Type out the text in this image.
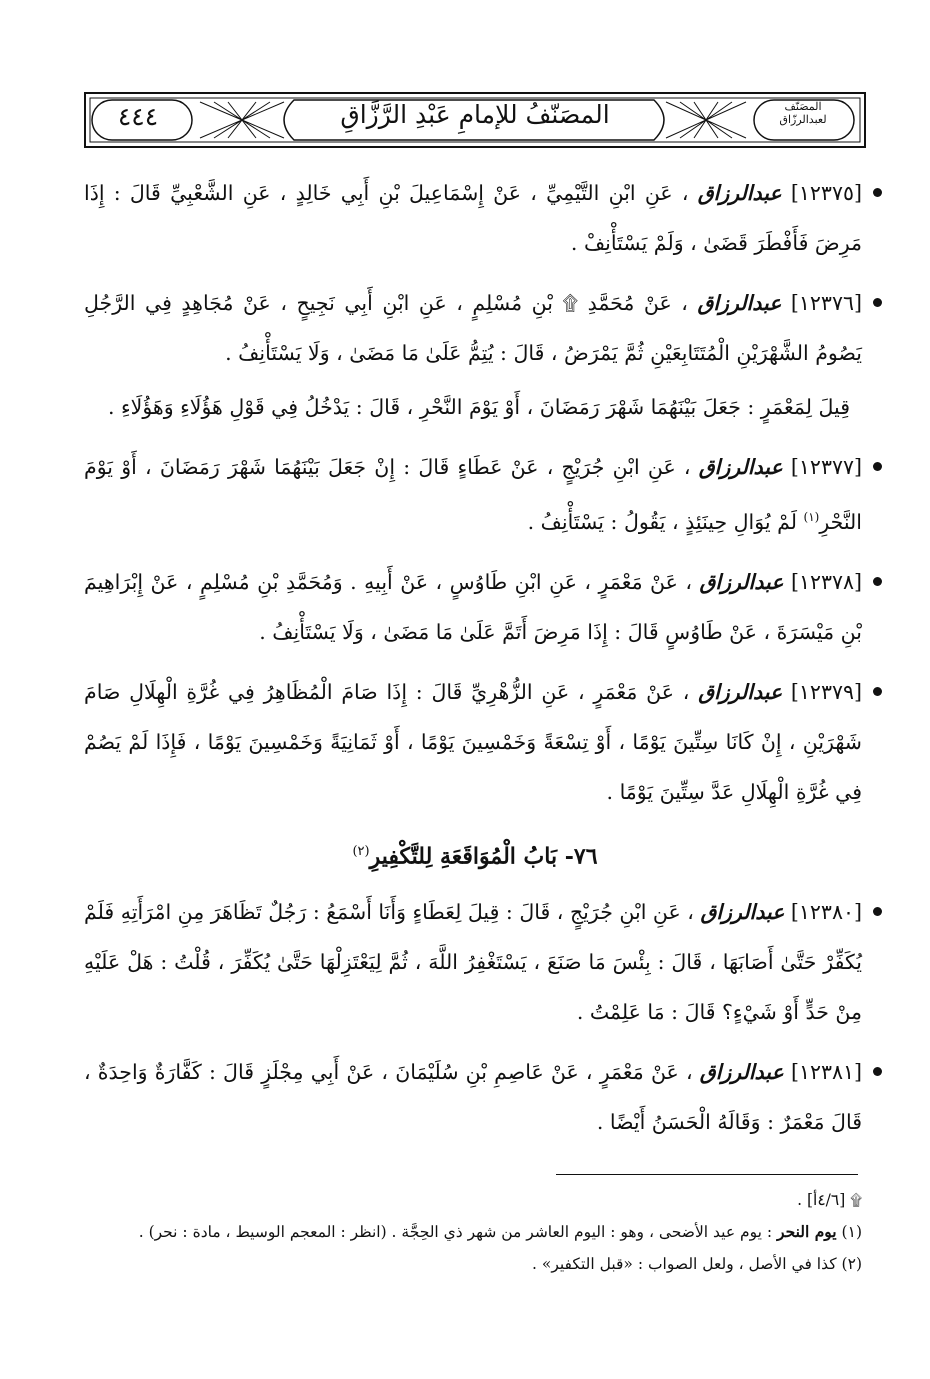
٤٤٤	المصَنّفُ للإمامِ عَبْدِ الرَّزَّاقِ	المصَنّف
لعبدالرزّاق
[١٢٣٧٥] عبدالرزاق ، عَنِ ابْنِ التَّيْمِيِّ ، عَنْ إِسْمَاعِيلَ بْنِ أَبِي خَالِدٍ ، عَنِ الشَّعْبِيِّ قَالَ : إِذَا مَرِضَ فَأَفْطَرَ قَضَىٰ ، وَلَمْ يَسْتَأْنِفْ .
[١٢٣٧٦] عبدالرزاق ، عَنْ مُحَمَّدِ ۩ بْنِ مُسْلِمٍ ، عَنِ ابْنِ أَبِي نَجِيحٍ ، عَنْ مُجَاهِدٍ فِي الرَّجُلِ يَصُومُ الشَّهْرَيْنِ الْمُتَتَابِعَيْنِ ثُمَّ يَمْرَضُ ، قَالَ : يُتِمُّ عَلَىٰ مَا مَضَىٰ ، وَلَا يَسْتَأْنِفُ .
قِيلَ لِمَعْمَرٍ : جَعَلَ بَيْنَهُمَا شَهْرَ رَمَضَانَ ، أَوْ يَوْمَ النَّحْرِ ، قَالَ : يَدْخُلُ فِي قَوْلِ هَؤُلَاءِ وَهَؤُلَاءِ .
[١٢٣٧٧] عبدالرزاق ، عَنِ ابْنِ جُرَيْجٍ ، عَنْ عَطَاءٍ قَالَ : إِنْ جَعَلَ بَيْنَهُمَا شَهْرَ رَمَضَانَ ، أَوْ يَوْمَ النَّحْرِ$^{(١)}$ لَمْ يُوَالِ حِينَئِذٍ ، يَقُولُ : يَسْتَأْنِفُ .
[١٢٣٧٨] عبدالرزاق ، عَنْ مَعْمَرٍ ، عَنِ ابْنِ طَاوُسٍ ، عَنْ أَبِيهِ . وَمُحَمَّدِ بْنِ مُسْلِمٍ ، عَنْ إِبْرَاهِيمَ بْنِ مَيْسَرَةَ ، عَنْ طَاوُسٍ قَالَ : إِذَا مَرِضَ أَتَمَّ عَلَىٰ مَا مَضَىٰ ، وَلَا يَسْتَأْنِفُ .
[١٢٣٧٩] عبدالرزاق ، عَنْ مَعْمَرٍ ، عَنِ الزُّهْرِيِّ قَالَ : إِذَا صَامَ الْمُظَاهِرُ فِي غُرَّةِ الْهِلَالِ صَامَ شَهْرَيْنِ ، إِنْ كَانَا سِتِّينَ يَوْمًا ، أَوْ تِسْعَةً وَخَمْسِينَ يَوْمًا ، أَوْ ثَمَانِيَةً وَخَمْسِينَ يَوْمًا ، فَإِذَا لَمْ يَصُمْ فِي غُرَّةِ الْهِلَالِ عَدَّ سِتِّينَ يَوْمًا .
٧٦- بَابُ الْمُوَاقَعَةِ لِلتَّكْفِيرِ$^{(٢)}$
[١٢٣٨٠] عبدالرزاق ، عَنِ ابْنِ جُرَيْجٍ ، قَالَ : قِيلَ لِعَطَاءٍ وَأَنَا أَسْمَعُ : رَجُلٌ تَظَاهَرَ مِنِ امْرَأَتِهِ فَلَمْ يُكَفِّرْ حَتَّىٰ أَصَابَهَا ، قَالَ : بِئْسَ مَا صَنَعَ ، يَسْتَغْفِرُ اللَّهَ ، ثُمَّ لِيَعْتَزِلْهَا حَتَّىٰ يُكَفِّرَ ، قُلْتُ : هَلْ عَلَيْهِ مِنْ حَدٍّ أَوْ شَيْءٍ؟ قَالَ : مَا عَلِمْتُ .
[١٢٣٨١] عبدالرزاق ، عَنْ مَعْمَرٍ ، عَنْ عَاصِمِ بْنِ سُلَيْمَانَ ، عَنْ أَبِي مِجْلَزٍ قَالَ : كَفَّارَةٌ وَاحِدَةٌ ، قَالَ مَعْمَرٌ : وَقَالَهُ الْحَسَنُ أَيْضًا .
۩ [٤/٦أ] .
(١) يوم النحر : يوم عيد الأضحى ، وهو : اليوم العاشر من شهر ذي الحِجَّة . (انظر : المعجم الوسيط ، مادة : نحر) .
(٢) كذا في الأصل ، ولعل الصواب : «قبل التكفير» .
